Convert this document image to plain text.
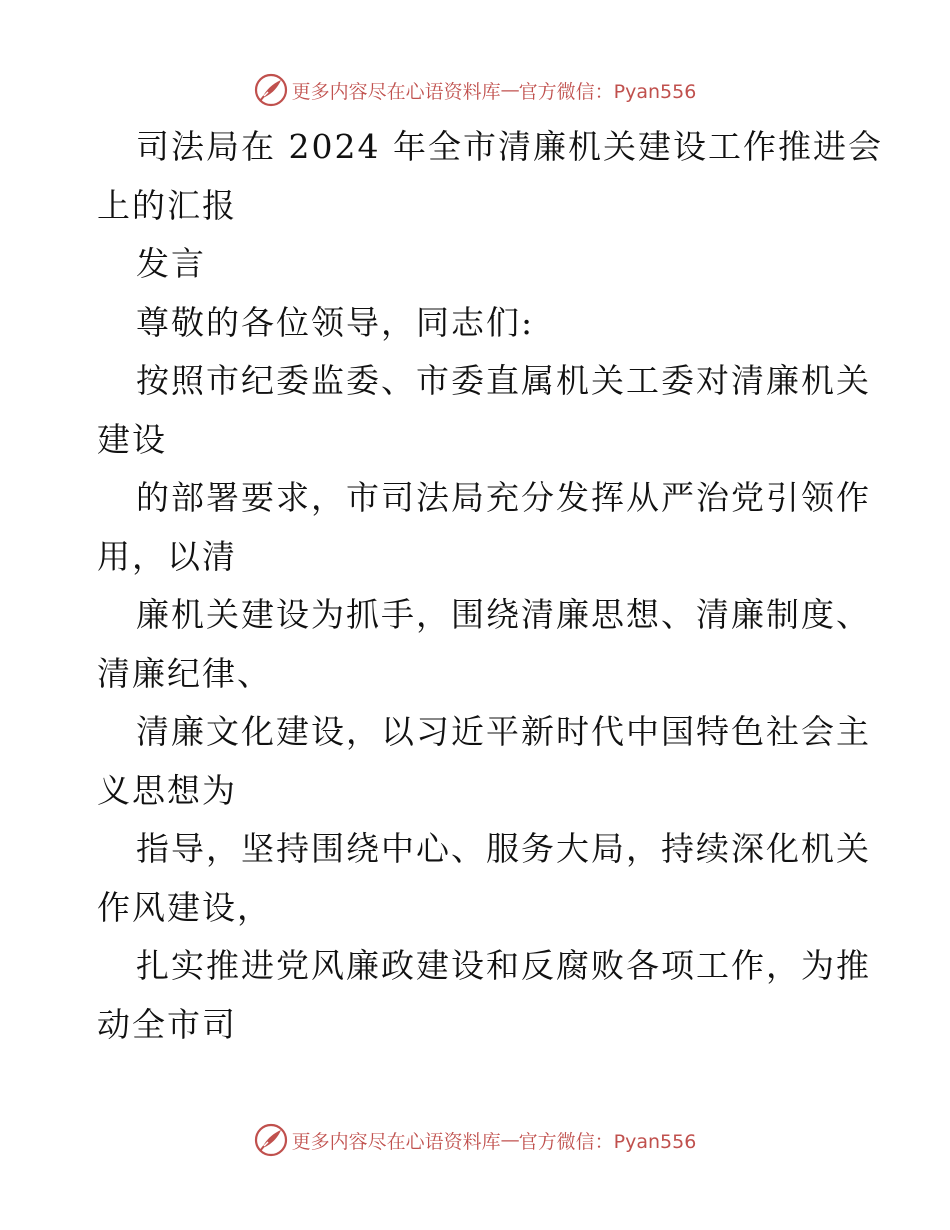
更多内容尽在心语资料库 — 官方微信：Pyan556
司法局在 2024 年全市清廉机关建设工作推进会
上的汇报
发言
尊敬的各位领导，同志们:
按照市纪委监委、市委直属机关工委对清廉机关
建设
的部署要求，市司法局充分发挥从严治党引领作
用，以清
廉机关建设为抓手，围绕清廉思想、清廉制度、
清廉纪律、
清廉文化建设，以习近平新时代中国特色社会主
义思想为
指导，坚持围绕中心、服务大局，持续深化机关
作风建设，
扎实推进党风廉政建设和反腐败各项工作，为推
动全市司
更多内容尽在心语资料库 — 官方微信：Pyan556
